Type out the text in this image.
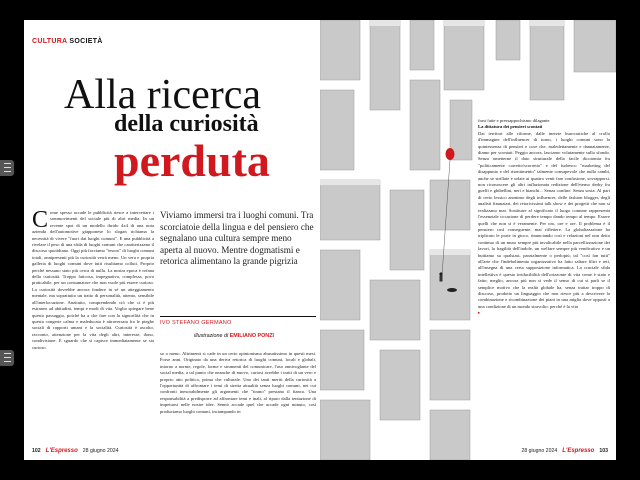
CULTURA SOCIETÀ
Alla ricerca
della curiosità
perduta
Come spesso accade le pubblicità riesce a intercettare i sommovimenti del sociale più di altri media. In un recente spot di un modello ibrido 4x4 di una nota azienda dell'automotive giapponese lo slogan richiama la necessità di vivere "fuori dai luoghi comuni". E una pubblicità a rivelare il peso di una sfida di luoghi comuni che caratterizzano il discorso quotidiano. Oggi più facciamo "tesoro" di luoghi comuni totali, onnipresenti più la curiosità verrà meno. Un vera e propria galleria di luoghi comuni dove tutti risultiamo colluti. Proprio perché nessuno stato più cerca di nulla. La nostra epoca è orfana della curiosità. Troppo faticosa, impegnativa, complessa, poco praticabile, per un consumatore che non vuole più essere curioso. La curiosità dovrebbe ancora fondere in sé un atteggiamento mentale, ma soprattutto un tratto di personalità, attento, sensibile all'interlocuzione. Anzitutto, comprendendo ciò che ci è più estraneo ad abitudini, tempi e modi di vita. Voglio spiegare bene questo passaggio, poiché ha a che fare con la signorilità che in questa congerie calma e maleducata è attraversata fra le pieghe sociali di rapporti umani e la socialità. Curiosità è ascolto, racconto, attenzione per la vita degli altri, interesse, dono, condivisione. E sguardo che si capisce immediatamente se sia curioso.
Viviamo immersi tra i luoghi comuni. Tra scorciatoie della lingua e del pensiero che segnalano una cultura sempre meno aperta al nuovo. Mentre dogmatismi e retorica alimentano la grande pigrizia
IVO STEFANO GERMANO
illustrazione di EMILIANO PONZI
so o meno. Altrimenti si cade in un certo opinionismo abusatissimo in questi mesi. Forse anni. Originato da una deriva retorica di luoghi comuni, locali e globali, intorno a norme, regole, forme e strumenti del comunicare, l'uso onnivoglante del social media, a tal punto che neanche di nuovo, curiosi avrebbe i tratti di un vero e proprio atto politico, prima che culturale. Uno dei tanti meriti della curiosità a l'opportunità di affrontare i temi di stretta attualità senza luoghi comuni, nei cui confronti inesorabilmente gli argomenti che "tirano" prestano il fianco. Una responsabilità a predisporre ad affrontare temi e inali, al riparo dalla tentazione di impetuosi nelle nostre idee. Sennò accade quel che accade ogni minuto, così produciamo luoghi comuni, inciampando in
102 L'Espresso 28 giugno 2024
frasi fatte e pressappochismo dilagante.
La dittatura dei pensieri scontati
Dai territori alle riforme, dalle inerzie burocratiche al crollo d'immagine dell'influencer di turno, i luoghi comuni sono la quintessenza di pensieri e cose che, maledettamente e dannatamente, diamo per scontati. Peggio ancora, lasciamo volutamente sullo sfondo. Senza ometterne il dato strutturale della facile dicotomia fra "politicamente corretto/scorretto" e del furbesco "marketing del disappunto e del risentimento" talmente consapevole che nulla cambi, anche se strillate e urlate ai quattro venti fare confusione, sovrapporsi, non riconoscere gli altri inflazionata redizione dell'eterno derby fra guelfi e ghibellini, neri e bianchi... Senza confine. Senza sosta. Al pari di certo lessico anonimo degli influencer, delle fashion blogger, degli analisti finanziari, dei retoricissimi talk show e dei progetti che non si realizzano mai. Sostituire al significato il luogo comune rappresenta l'essenziale occasione di perdere tempo dando tempo al tempo. Essere quelli che non si è veramente. Per oro, ore e ore. Il problema è il pensiero così conseguente, mai riflettere. La globalizzazione ha triplicato le porte in gioco, rinunciando così e relazioni nel non detto continuo di un muro sempre più invalicabile nella parcellizzazione dei lavori, la fragilità dell'indole, un welfare sempre più vendicativo e un buttiamo su qualsiasi, parzialmente o perlopiù; tal "così fan tutti" all'arte che l'indebolimento organizzativo ha fatto saltare filtri e reti, all'insegna di una certa supposizione informatica. La cruciale sfida intellettiva è questa irriducibilità dell'orizzonte di vita come è stato e fatto; meglio, ancora più non si vede il senso di cui si parli se il semplice motivo che la realtà globale ha, senza trattar troppo di discorso, prodotto un linguaggio che non riesce più a descrivere la combinazione e ricombinazione dei piani in una miglia dove opposti a una condizione di un mondo stravolto: perché è la vita
▸
28 giugno 2024 L'Espresso 103
